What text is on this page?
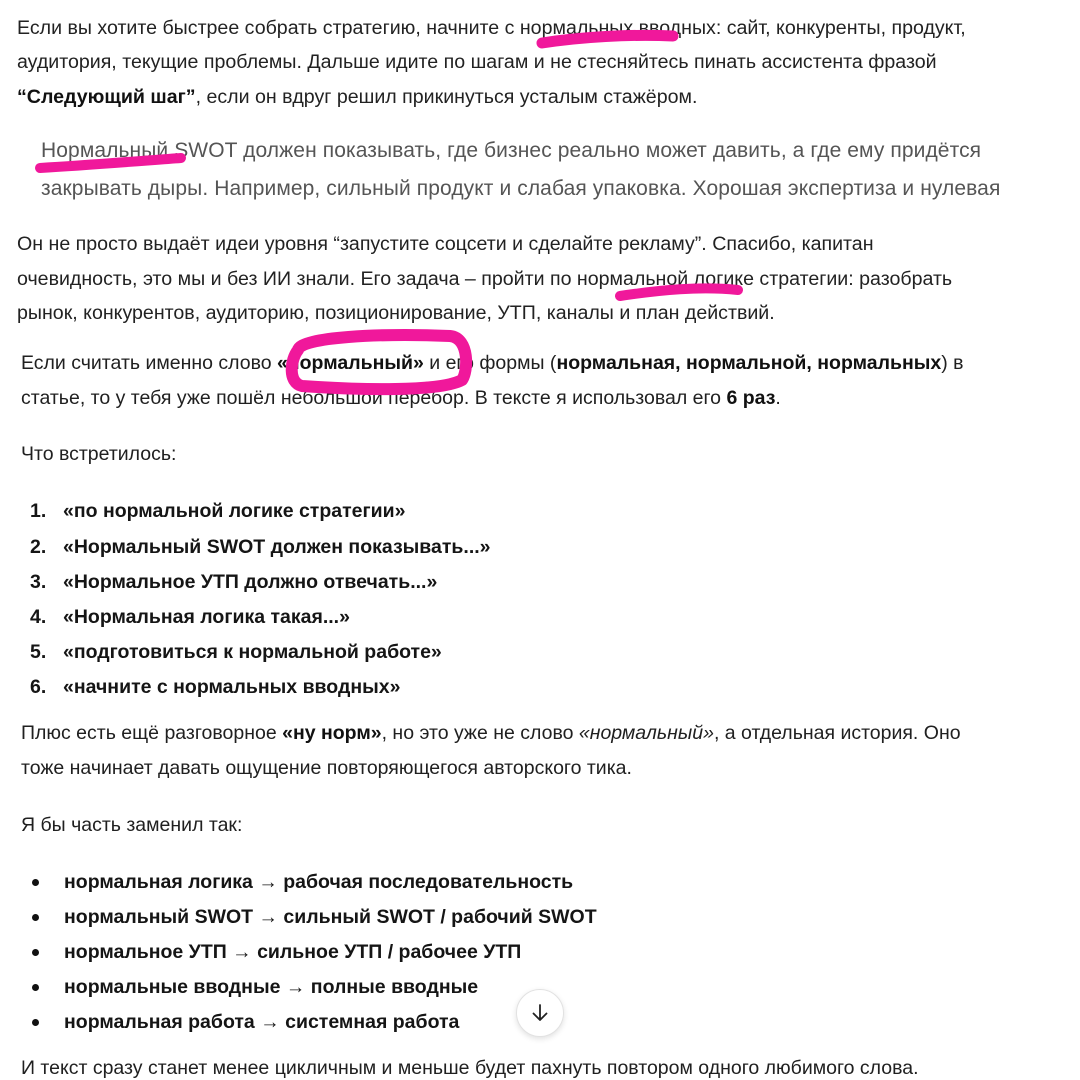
Если вы хотите быстрее собрать стратегию, начните с нормальных вводных: сайт, конкуренты, продукт,
аудитория, текущие проблемы. Дальше идите по шагам и не стесняйтесь пинать ассистента фразой
“Следующий шаг”, если он вдруг решил прикинуться усталым стажёром.
Нормальный SWOT должен показывать, где бизнес реально может давить, а где ему придётся
закрывать дыры. Например, сильный продукт и слабая упаковка. Хорошая экспертиза и нулевая
Он не просто выдаёт идеи уровня “запустите соцсети и сделайте рекламу”. Спасибо, капитан
очевидность, это мы и без ИИ знали. Его задача – пройти по нормальной логике стратегии: разобрать
рынок, конкурентов, аудиторию, позиционирование, УТП, каналы и план действий.
Если считать именно слово «нормальный» и его формы (нормальная, нормальной, нормальных) в
статье, то у тебя уже пошёл небольшой перебор. В тексте я использовал его 6 раз.
Что встретилось:
1. «по нормальной логике стратегии»
2. «Нормальный SWOT должен показывать...»
3. «Нормальное УТП должно отвечать...»
4. «Нормальная логика такая...»
5. «подготовиться к нормальной работе»
6. «начните с нормальных вводных»
Плюс есть ещё разговорное «ну норм», но это уже не слово «нормальный», а отдельная история. Оно
тоже начинает давать ощущение повторяющегося авторского тика.
Я бы часть заменил так:
нормальная логика → рабочая последовательность
нормальный SWOT → сильный SWOT / рабочий SWOT
нормальное УТП → сильное УТП / рабочее УТП
нормальные вводные → полные вводные
нормальная работа → системная работа
И текст сразу станет менее цикличным и меньше будет пахнуть повтором одного любимого слова.
